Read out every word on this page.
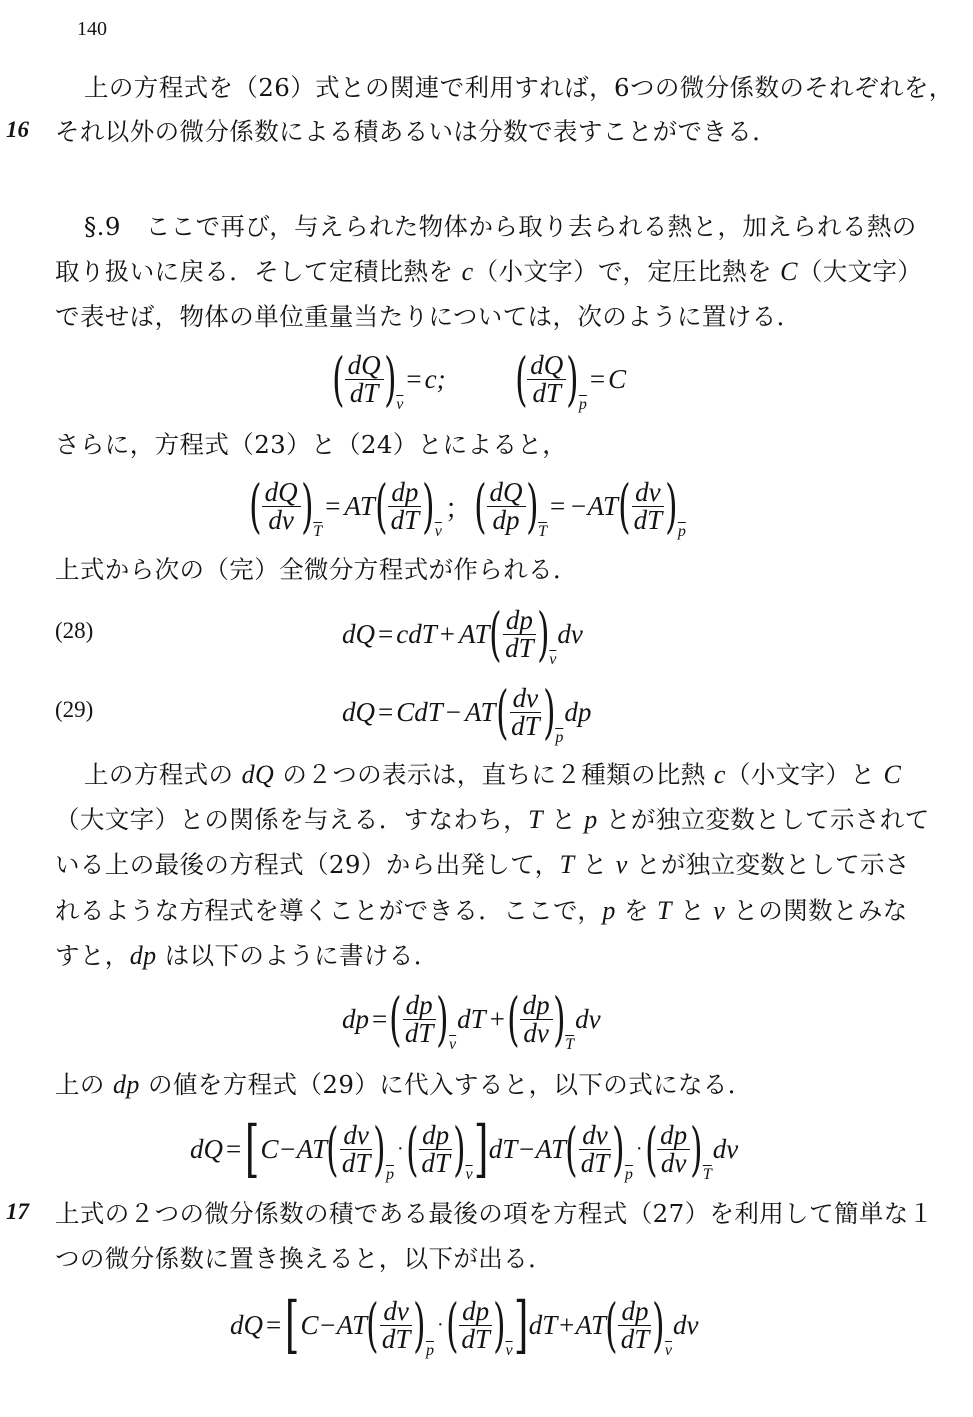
140
16
17
上の方程式を（26）式との関連で利用すれば，6つの微分係数のそれぞれを，
それ以外の微分係数による積あるいは分数で表すことができる．
§.9　ここで再び，与えられた物体から取り去られる熱と，加えられる熱の
取り扱いに戻る．そして定積比熱を c（小文字）で，定圧比熱を C（大文字）
で表せば，物体の単位重量当たりについては，次のように置ける．
( $\frac{dQ}{dT}$ ) $\overline{v}$
= c; ( $\frac{dQ}{dT}$ ) $\overline{p}$
= C
さらに，方程式（23）と（24）とによると，
( $\frac{dQ}{dv}$ ) $\overline{T}$
= AT ( $\frac{dp}{dT}$ ) $\overline{v}$
； ( $\frac{dQ}{dp}$ ) $\overline{T}$
= −AT ( $\frac{dv}{dT}$ ) $\overline{p}$
上式から次の（完）全微分方程式が作られる．
(28)	dQ = cdT + AT ( $\frac{dp}{dT}$ ) $\overline{v}$
dv
(29)	dQ = CdT − AT ( $\frac{dv}{dT}$ ) $\overline{p}$
dp
上の方程式の dQ の２つの表示は，直ちに２種類の比熱 c（小文字）と C
（大文字）との関係を与える．すなわち，T と p とが独立変数として示されて
いる上の最後の方程式（29）から出発して，T と v とが独立変数として示さ
れるような方程式を導くことができる．ここで，p を T と v との関数とみな
すと，dp は以下のように書ける．
dp = ( $\frac{dp}{dT}$ ) $\overline{v}$
dT + ( $\frac{dp}{dv}$ ) $\overline{T}$
dv
上の dp の値を方程式（29）に代入すると，以下の式になる．
dQ = [ C−AT ( $\frac{dv}{dT}$ ) $\overline{p}$
· ( $\frac{dp}{dT}$ ) $\overline{v}$ ] dT−AT ( $\frac{dv}{dT}$ ) $\overline{p}$
· ( $\frac{dp}{dv}$ ) $\overline{T}$
dv
上式の２つの微分係数の積である最後の項を方程式（27）を利用して簡単な１
つの微分係数に置き換えると，以下が出る．
dQ = [ C−AT ( $\frac{dv}{dT}$ ) $\overline{p}$
· ( $\frac{dp}{dT}$ ) $\overline{v}$ ] dT+AT ( $\frac{dp}{dT}$ ) $\overline{v}$
dv
